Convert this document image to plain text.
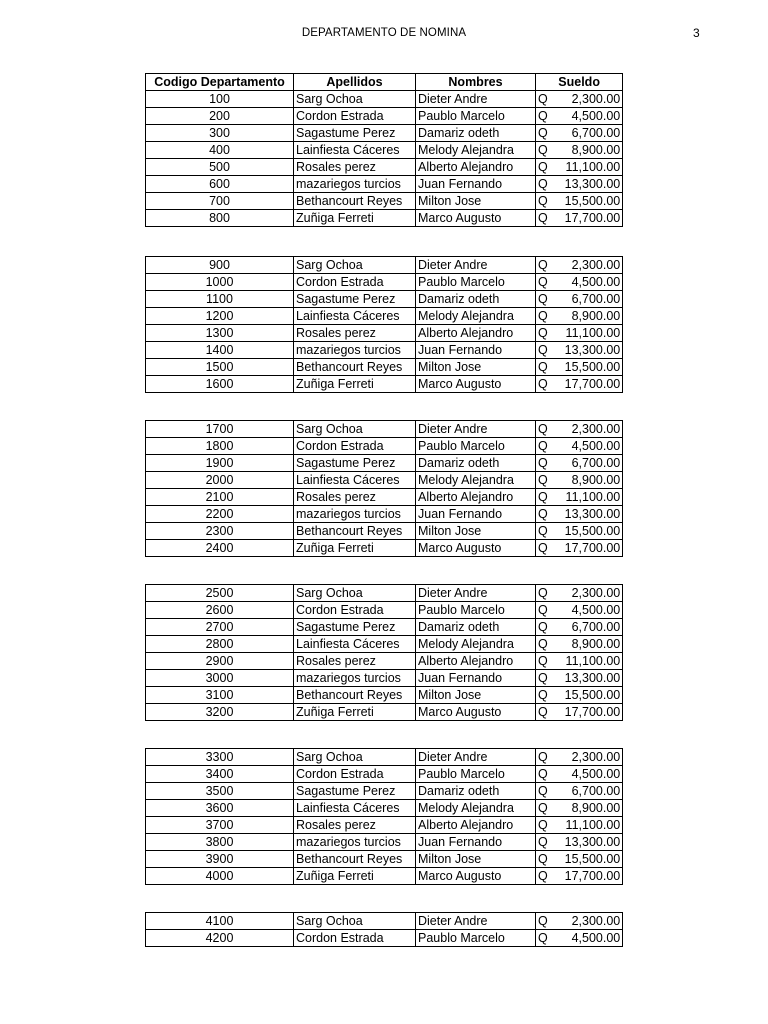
DEPARTAMENTO DE NOMINA	3
Codigo Departamento	Apellidos	Nombres	Sueldo	
100	Sarg Ochoa	Dieter Andre	Q	2,300.00
200	Cordon Estrada	Paublo Marcelo	Q	4,500.00
300	Sagastume Perez	Damariz odeth	Q	6,700.00
400	Lainfiesta Cáceres	Melody Alejandra	Q	8,900.00
500	Rosales perez	Alberto Alejandro	Q	11,100.00
600	mazariegos turcios	Juan Fernando	Q	13,300.00
700	Bethancourt Reyes	Milton Jose	Q	15,500.00
800	Zuñiga Ferreti	Marco Augusto	Q	17,700.00
900	Sarg Ochoa	Dieter Andre	Q	2,300.00
1000	Cordon Estrada	Paublo Marcelo	Q	4,500.00
1100	Sagastume Perez	Damariz odeth	Q	6,700.00
1200	Lainfiesta Cáceres	Melody Alejandra	Q	8,900.00
1300	Rosales perez	Alberto Alejandro	Q	11,100.00
1400	mazariegos turcios	Juan Fernando	Q	13,300.00
1500	Bethancourt Reyes	Milton Jose	Q	15,500.00
1600	Zuñiga Ferreti	Marco Augusto	Q	17,700.00
1700	Sarg Ochoa	Dieter Andre	Q	2,300.00
1800	Cordon Estrada	Paublo Marcelo	Q	4,500.00
1900	Sagastume Perez	Damariz odeth	Q	6,700.00
2000	Lainfiesta Cáceres	Melody Alejandra	Q	8,900.00
2100	Rosales perez	Alberto Alejandro	Q	11,100.00
2200	mazariegos turcios	Juan Fernando	Q	13,300.00
2300	Bethancourt Reyes	Milton Jose	Q	15,500.00
2400	Zuñiga Ferreti	Marco Augusto	Q	17,700.00
2500	Sarg Ochoa	Dieter Andre	Q	2,300.00
2600	Cordon Estrada	Paublo Marcelo	Q	4,500.00
2700	Sagastume Perez	Damariz odeth	Q	6,700.00
2800	Lainfiesta Cáceres	Melody Alejandra	Q	8,900.00
2900	Rosales perez	Alberto Alejandro	Q	11,100.00
3000	mazariegos turcios	Juan Fernando	Q	13,300.00
3100	Bethancourt Reyes	Milton Jose	Q	15,500.00
3200	Zuñiga Ferreti	Marco Augusto	Q	17,700.00
3300	Sarg Ochoa	Dieter Andre	Q	2,300.00
3400	Cordon Estrada	Paublo Marcelo	Q	4,500.00
3500	Sagastume Perez	Damariz odeth	Q	6,700.00
3600	Lainfiesta Cáceres	Melody Alejandra	Q	8,900.00
3700	Rosales perez	Alberto Alejandro	Q	11,100.00
3800	mazariegos turcios	Juan Fernando	Q	13,300.00
3900	Bethancourt Reyes	Milton Jose	Q	15,500.00
4000	Zuñiga Ferreti	Marco Augusto	Q	17,700.00
4100	Sarg Ochoa	Dieter Andre	Q	2,300.00
4200	Cordon Estrada	Paublo Marcelo	Q	4,500.00
